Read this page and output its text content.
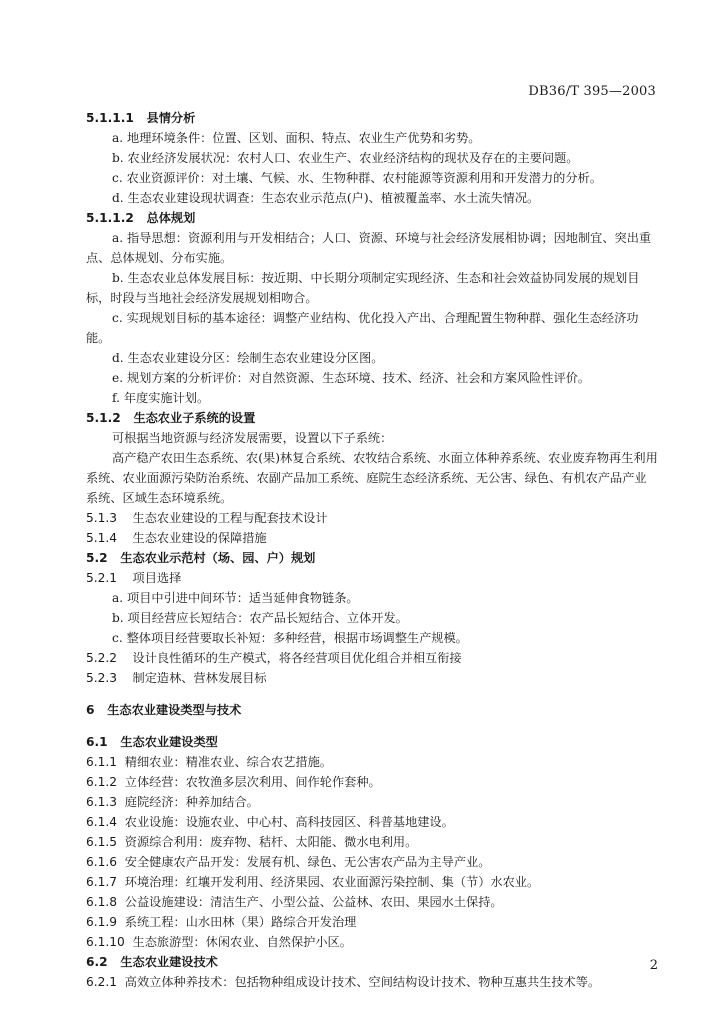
DB36/T 395—2003
5.1.1.1 县情分析
a. 地理环境条件：位置、区划、面积、特点、农业生产优势和劣势。
b. 农业经济发展状况：农村人口、农业生产、农业经济结构的现状及存在的主要问题。
c. 农业资源评价：对土壤、气候、水、生物种群、农村能源等资源利用和开发潜力的分析。
d. 生态农业建设现状调查：生态农业示范点(户)、植被覆盖率、水土流失情况。
5.1.1.2 总体规划
a. 指导思想：资源利用与开发相结合；人口、资源、环境与社会经济发展相协调；因地制宜、突出重点、总体规划、分布实施。
b. 生态农业总体发展目标：按近期、中长期分项制定实现经济、生态和社会效益协同发展的规划目标，时段与当地社会经济发展规划相吻合。
c. 实现规划目标的基本途径：调整产业结构、优化投入产出、合理配置生物种群、强化生态经济功能。
d. 生态农业建设分区：绘制生态农业建设分区图。
e. 规划方案的分析评价：对自然资源、生态环境、技术、经济、社会和方案风险性评价。
f. 年度实施计划。
5.1.2 生态农业子系统的设置
可根据当地资源与经济发展需要，设置以下子系统：
高产稳产农田生态系统、农(果)林复合系统、农牧结合系统、水面立体种养系统、农业废弃物再生利用系统、农业面源污染防治系统、农副产品加工系统、庭院生态经济系统、无公害、绿色、有机农产品产业系统、区域生态环境系统。
5.1.3 生态农业建设的工程与配套技术设计
5.1.4 生态农业建设的保障措施
5.2 生态农业示范村（场、园、户）规划
5.2.1 项目选择
a. 项目中引进中间环节：适当延伸食物链条。
b. 项目经营应长短结合：农产品长短结合、立体开发。
c. 整体项目经营要取长补短：多种经营，根据市场调整生产规模。
5.2.2 设计良性循环的生产模式，将各经营项目优化组合并相互衔接
5.2.3 制定造林、营林发展目标
6 生态农业建设类型与技术
6.1 生态农业建设类型
6.1.1 精细农业：精准农业、综合农艺措施。
6.1.2 立体经营：农牧渔多层次利用、间作轮作套种。
6.1.3 庭院经济：种养加结合。
6.1.4 农业设施：设施农业、中心村、高科技园区、科普基地建设。
6.1.5 资源综合利用：废弃物、秸杆、太阳能、微水电利用。
6.1.6 安全健康农产品开发：发展有机、绿色、无公害农产品为主导产业。
6.1.7 环境治理：红壤开发利用、经济果园、农业面源污染控制、集（节）水农业。
6.1.8 公益设施建设：清洁生产、小型公益、公益林、农田、果园水土保持。
6.1.9 系统工程：山水田林（果）路综合开发治理
6.1.10 生态旅游型：休闲农业、自然保护小区。
6.2 生态农业建设技术
6.2.1 高效立体种养技术：包括物种组成设计技术、空间结构设计技术、物种互惠共生技术等。
2
